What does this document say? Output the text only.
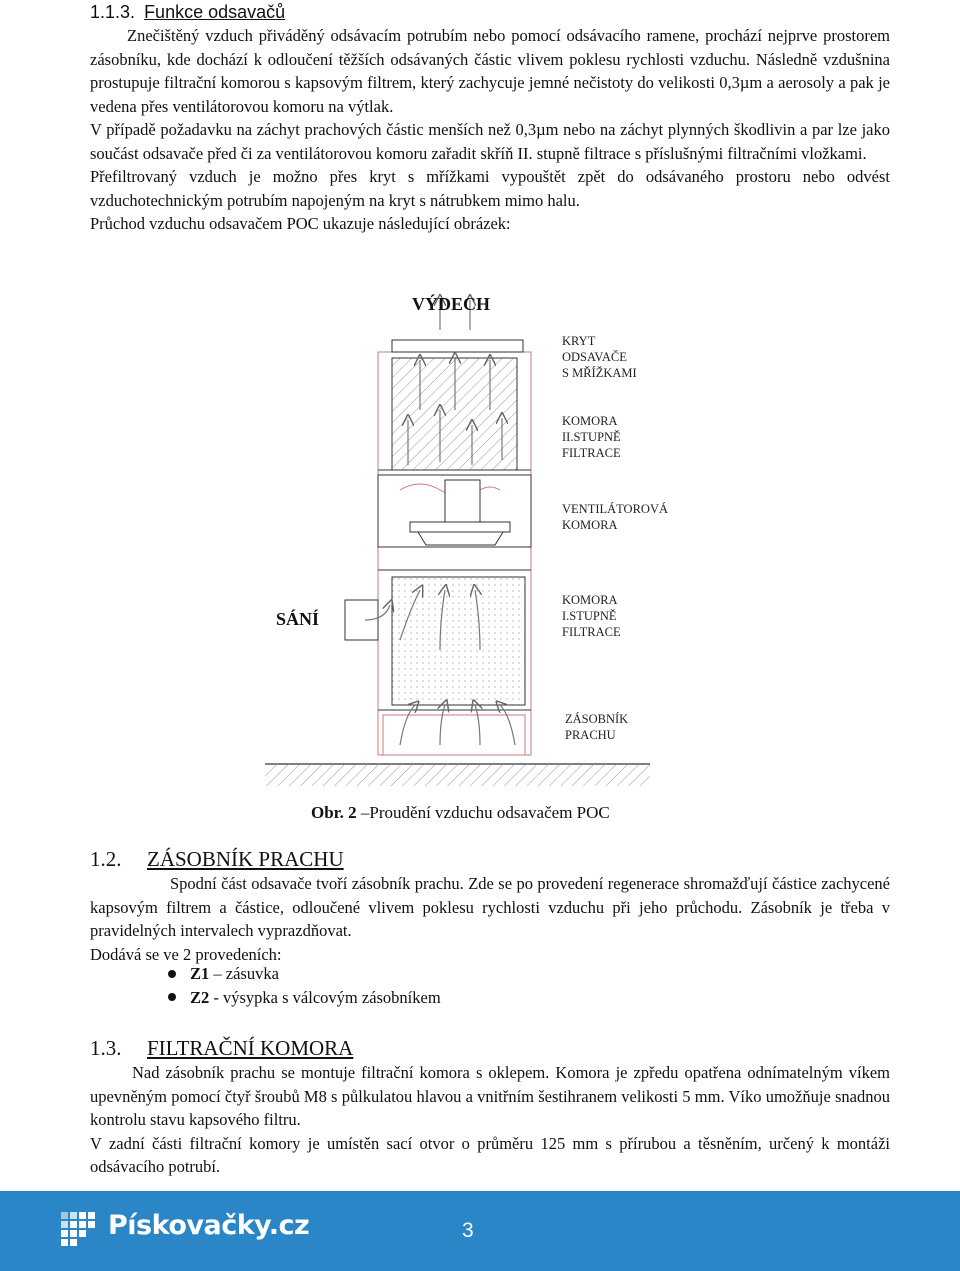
1.1.3. Funkce odsavačů

Znečištěný vzduch přiváděný odsávacím potrubím nebo pomocí odsávacího ramene, prochází nejprve prostorem zásobníku, kde dochází k odloučení těžších odsávaných částic vlivem poklesu rychlosti vzduchu. Následně vzdušnina prostupuje filtrační komorou s kapsovým filtrem, který zachycuje jemné nečistoty do velikosti 0,3µm a aerosoly a pak je vedena přes ventilátorovou komoru na výtlak.

V případě požadavku na záchyt prachových částic menších než 0,3µm nebo na záchyt plynných škodlivin a par lze jako součást odsavače před či za ventilátorovou komoru zařadit skříň II. stupně filtrace s příslušnými filtračními vložkami.

Přefiltrovaný vzduch je možno přes kryt s mřížkami vypouštět zpět do odsávaného prostoru nebo odvést vzduchotechnickým potrubím napojeným na kryt s nátrubkem mimo halu.

Průchod vzduchu odsavačem POC ukazuje následující obrázek:

VÝDECH
SÁNÍ
KRYT
ODSAVAČE
S MŘÍŽKAMI
KOMORA
II.STUPNĚ
FILTRACE
VENTILÁTOROVÁ
KOMORA
KOMORA
I.STUPNĚ
FILTRACE
ZÁSOBNÍK
PRACHU
Obr. 2 –Proudění vzduchu odsavačem POC
1.2. ZÁSOBNÍK PRACHU

Spodní část odsavače tvoří zásobník prachu. Zde se po provedení regenerace shromažďují částice zachycené kapsovým filtrem a částice, odloučené vlivem poklesu rychlosti vzduchu při jeho průchodu. Zásobník je třeba v pravidelných intervalech vyprazdňovat.

Dodává se ve 2 provedeních:

Z1 – zásuvka
Z2 - výsypka s válcovým zásobníkem
1.3. FILTRAČNÍ KOMORA

Nad zásobník prachu se montuje filtrační komora s oklepem. Komora je zpředu opatřena odnímatelným víkem upevněným pomocí čtyř šroubů M8 s půlkulatou hlavou a vnitřním šestihranem velikosti 5 mm. Víko umožňuje snadnou kontrolu stavu kapsového filtru.

V zadní části filtrační komory je umístěn sací otvor o průměru 125 mm s přírubou a těsněním, určený k montáži odsávacího potrubí.

Pískovačky.cz	3
